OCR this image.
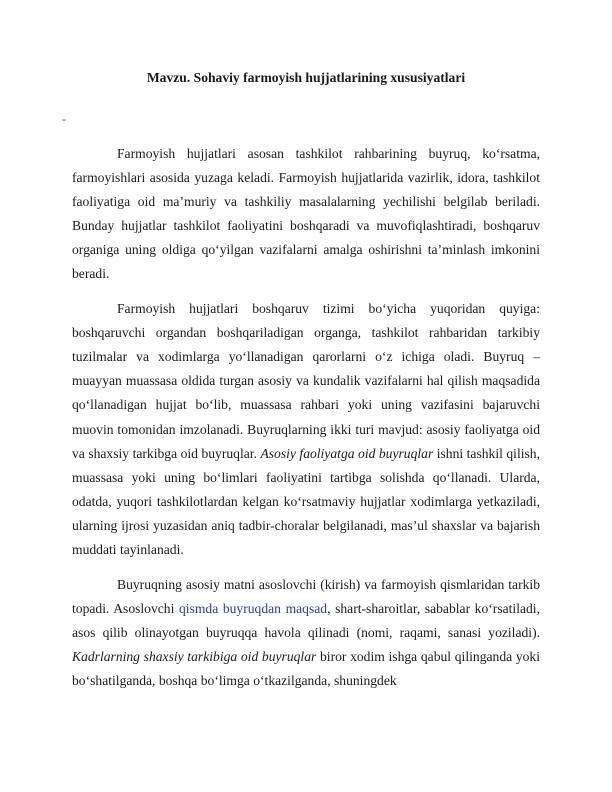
Mavzu. Sohaviy farmoyish hujjatlarining xususiyatlari
-

Farmoyish hujjatlari asosan tashkilot rahbarining buyruq, ko‘rsatma, farmoyishlari asosida yuzaga keladi. Farmoyish hujjatlarida vazirlik, idora, tashkilot faoliyatiga oid ma’muriy va tashkiliy masalalarning yechilishi belgilab beriladi. Bunday hujjatlar tashkilot faoliyatini boshqaradi va muvofiqlashtiradi, boshqaruv organiga uning oldiga qo‘yilgan vazifalarni amalga oshirishni ta’minlash imkonini beradi.

Farmoyish hujjatlari boshqaruv tizimi bo‘yicha yuqoridan quyiga: boshqaruvchi organdan boshqariladigan organga, tashkilot rahbaridan tarkibiy tuzilmalar va xodimlarga yo‘llanadigan qarorlarni o‘z ichiga oladi. Buyruq – muayyan muassasa oldida turgan asosiy va kundalik vazifalarni hal qilish maqsadida qo‘llanadigan hujjat bo‘lib, muassasa rahbari yoki uning vazifasini bajaruvchi muovin tomonidan imzolanadi. Buyruqlarning ikki turi mavjud: asosiy faoliyatga oid va shaxsiy tarkibga oid buyruqlar. Asosiy faoliyatga oid buyruqlar ishni tashkil qilish, muassasa yoki uning bo‘limlari faoliyatini tartibga solishda qo‘llanadi. Ularda, odatda, yuqori tashkilotlardan kelgan ko‘rsatmaviy hujjatlar xodimlarga yetkaziladi, ularning ijrosi yuzasidan aniq tadbir-choralar belgilanadi, mas’ul shaxslar va bajarish muddati tayinlanadi.

Buyruqning asosiy matni asoslovchi (kirish) va farmoyish qismlaridan tarkib topadi. Asoslovchi qismda buyruqdan maqsad, shart-sharoitlar, sabablar ko‘rsatiladi, asos qilib olinayotgan buyruqqa havola qilinadi (nomi, raqami, sanasi yoziladi). Kadrlarning shaxsiy tarkibiga oid buyruqlar biror xodim ishga qabul qilinganda yoki bo‘shatilganda, boshqa bo‘limga o‘tkazilganda, shuningdek
